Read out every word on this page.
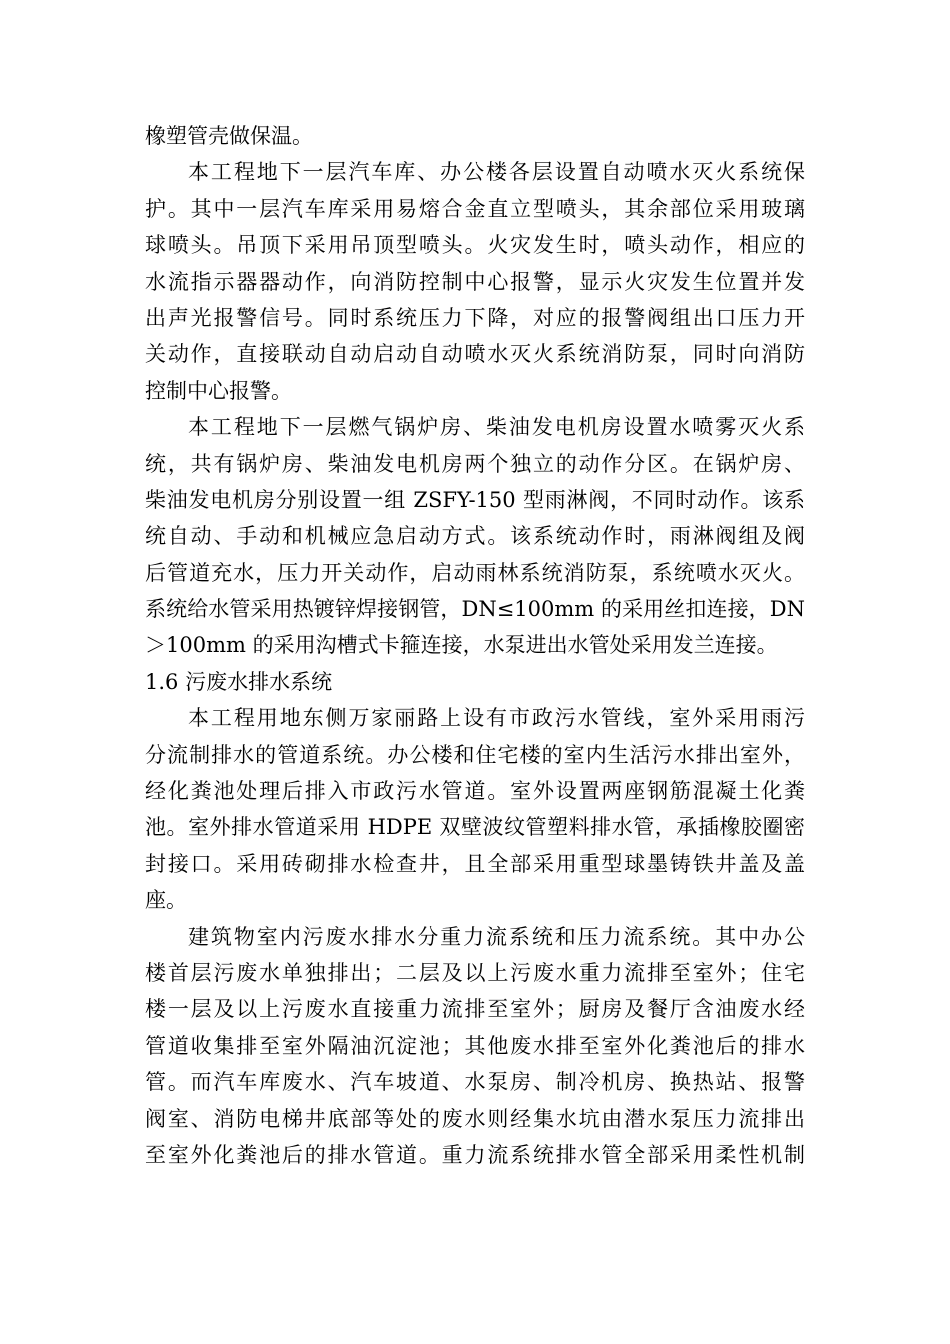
橡塑管壳做保温。
本工程地下一层汽车库、办公楼各层设置自动喷水灭火系统保
护。其中一层汽车库采用易熔合金直立型喷头，其余部位采用玻璃
球喷头。吊顶下采用吊顶型喷头。火灾发生时，喷头动作，相应的
水流指示器器动作，向消防控制中心报警，显示火灾发生位置并发
出声光报警信号。同时系统压力下降，对应的报警阀组出口压力开
关动作，直接联动自动启动自动喷水灭火系统消防泵，同时向消防
控制中心报警。
本工程地下一层燃气锅炉房、柴油发电机房设置水喷雾灭火系
统，共有锅炉房、柴油发电机房两个独立的动作分区。在锅炉房、
柴油发电机房分别设置一组 ZSFY-150 型雨淋阀，不同时动作。该系
统自动、手动和机械应急启动方式。该系统动作时，雨淋阀组及阀
后管道充水，压力开关动作，启动雨林系统消防泵，系统喷水灭火。
系统给水管采用热镀锌焊接钢管，DN≤100mm 的采用丝扣连接，DN
＞100mm 的采用沟槽式卡箍连接，水泵进出水管处采用发兰连接。
1.6 污废水排水系统
本工程用地东侧万家丽路上设有市政污水管线，室外采用雨污
分流制排水的管道系统。办公楼和住宅楼的室内生活污水排出室外，
经化粪池处理后排入市政污水管道。室外设置两座钢筋混凝土化粪
池。室外排水管道采用 HDPE 双壁波纹管塑料排水管，承插橡胶圈密
封接口。采用砖砌排水检查井，且全部采用重型球墨铸铁井盖及盖
座。
建筑物室内污废水排水分重力流系统和压力流系统。其中办公
楼首层污废水单独排出；二层及以上污废水重力流排至室外；住宅
楼一层及以上污废水直接重力流排至室外；厨房及餐厅含油废水经
管道收集排至室外隔油沉淀池；其他废水排至室外化粪池后的排水
管。而汽车库废水、汽车坡道、水泵房、制冷机房、换热站、报警
阀室、消防电梯井底部等处的废水则经集水坑由潜水泵压力流排出
至室外化粪池后的排水管道。重力流系统排水管全部采用柔性机制
